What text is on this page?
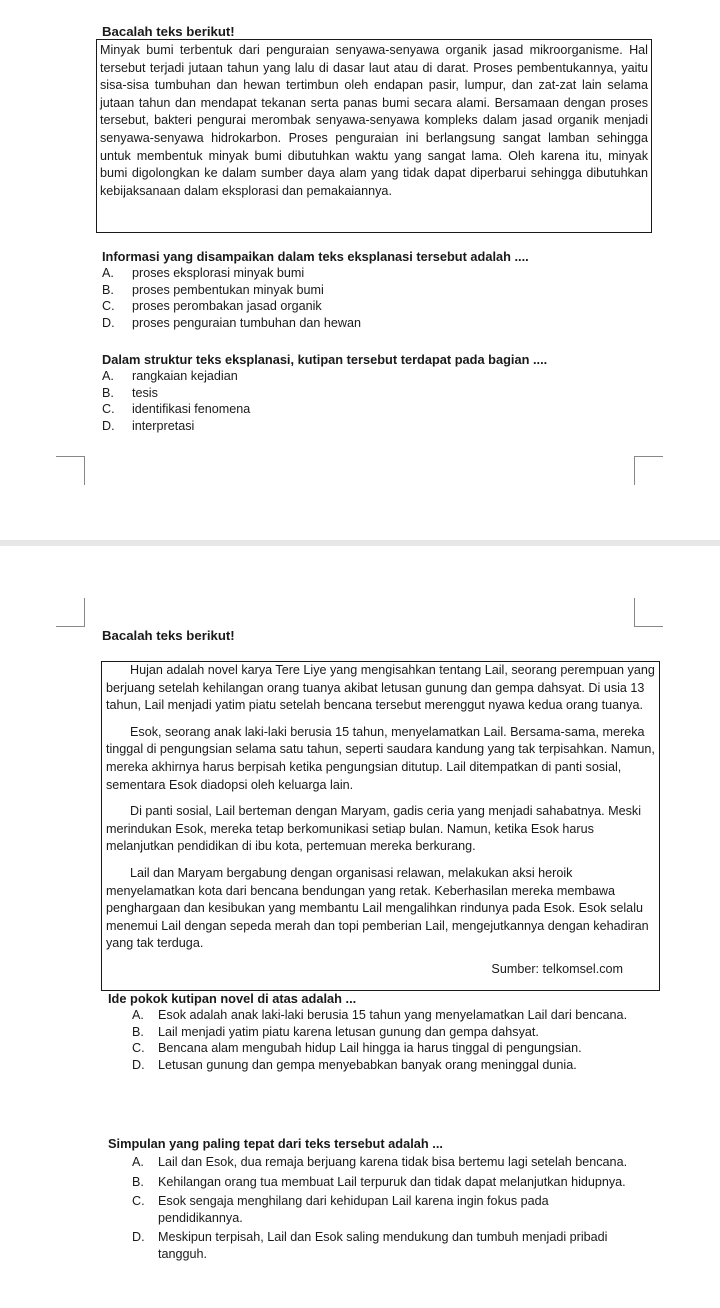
Bacalah teks berikut!
Minyak bumi terbentuk dari penguraian senyawa-senyawa organik jasad mikroorganisme. Hal tersebut terjadi jutaan tahun yang lalu di dasar laut atau di darat. Proses pembentukannya, yaitu sisa-sisa tumbuhan dan hewan tertimbun oleh endapan pasir, lumpur, dan zat-zat lain selama jutaan tahun dan mendapat tekanan serta panas bumi secara alami. Bersamaan dengan proses tersebut, bakteri pengurai merombak senyawa-senyawa kompleks dalam jasad organik menjadi senyawa-senyawa hidrokarbon. Proses penguraian ini berlangsung sangat lamban sehingga untuk membentuk minyak bumi dibutuhkan waktu yang sangat lama. Oleh karena itu, minyak bumi digolongkan ke dalam sumber daya alam yang tidak dapat diperbarui sehingga dibutuhkan kebijaksanaan dalam eksplorasi dan pemakaiannya.
Informasi yang disampaikan dalam teks eksplanasi tersebut adalah ....
A.	proses eksplorasi minyak bumi
B.	proses pembentukan minyak bumi
C.	proses perombakan jasad organik
D.	proses penguraian tumbuhan dan hewan
Dalam struktur teks eksplanasi, kutipan tersebut terdapat pada bagian ....
A.	rangkaian kejadian
B.	tesis
C.	identifikasi fenomena
D.	interpretasi
Bacalah teks berikut!

Hujan adalah novel karya Tere Liye yang mengisahkan tentang Lail, seorang perempuan yang berjuang setelah kehilangan orang tuanya akibat letusan gunung dan gempa dahsyat. Di usia 13 tahun, Lail menjadi yatim piatu setelah bencana tersebut merenggut nyawa kedua orang tuanya.

Esok, seorang anak laki-laki berusia 15 tahun, menyelamatkan Lail. Bersama-sama, mereka tinggal di pengungsian selama satu tahun, seperti saudara kandung yang tak terpisahkan. Namun, mereka akhirnya harus berpisah ketika pengungsian ditutup. Lail ditempatkan di panti sosial, sementara Esok diadopsi oleh keluarga lain.

Di panti sosial, Lail berteman dengan Maryam, gadis ceria yang menjadi sahabatnya. Meski merindukan Esok, mereka tetap berkomunikasi setiap bulan. Namun, ketika Esok harus melanjutkan pendidikan di ibu kota, pertemuan mereka berkurang.

Lail dan Maryam bergabung dengan organisasi relawan, melakukan aksi heroik menyelamatkan kota dari bencana bendungan yang retak. Keberhasilan mereka membawa penghargaan dan kesibukan yang membantu Lail mengalihkan rindunya pada Esok. Esok selalu menemui Lail dengan sepeda merah dan topi pemberian Lail, mengejutkannya dengan kehadiran yang tak terduga.

Sumber: telkomsel.com
Ide pokok kutipan novel di atas adalah ...
A.	Esok adalah anak laki-laki berusia 15 tahun yang menyelamatkan Lail dari bencana.
B.	Lail menjadi yatim piatu karena letusan gunung dan gempa dahsyat.
C.	Bencana alam mengubah hidup Lail hingga ia harus tinggal di pengungsian.
D.	Letusan gunung dan gempa menyebabkan banyak orang meninggal dunia.
Simpulan yang paling tepat dari teks tersebut adalah ...
A.	Lail dan Esok, dua remaja berjuang karena tidak bisa bertemu lagi setelah bencana.
B.	Kehilangan orang tua membuat Lail terpuruk dan tidak dapat melanjutkan hidupnya.
C.	Esok sengaja menghilang dari kehidupan Lail karena ingin fokus pada pendidikannya.
D.	Meskipun terpisah, Lail dan Esok saling mendukung dan tumbuh menjadi pribadi tangguh.
